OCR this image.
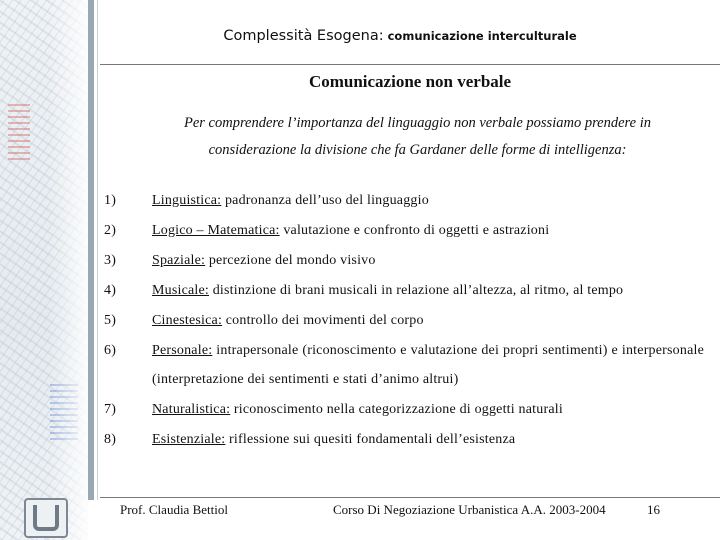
Complessità Esogena: comunicazione interculturale
Comunicazione non verbale
Per comprendere l’importanza del linguaggio non verbale possiamo prendere in considerazione la divisione che fa Gardaner delle forme di intelligenza:
1)	Linguistica: padronanza dell’uso del linguaggio
2)	Logico – Matematica: valutazione e confronto di oggetti e astrazioni
3)	Spaziale: percezione del mondo visivo
4)	Musicale: distinzione di brani musicali in relazione all’altezza, al ritmo, al tempo
5)	Cinestesica: controllo dei movimenti del corpo
6)	Personale: intrapersonale (riconoscimento e valutazione dei propri sentimenti) e interpersonale (interpretazione dei sentimenti e stati d’animo altrui)
7)	Naturalistica: riconoscimento nella categorizzazione di oggetti naturali
8)	Esistenziale: riflessione sui quesiti fondamentali dell’esistenza
Prof. Claudia Bettiol	Corso Di Negoziazione Urbanistica A.A. 2003-2004	16
